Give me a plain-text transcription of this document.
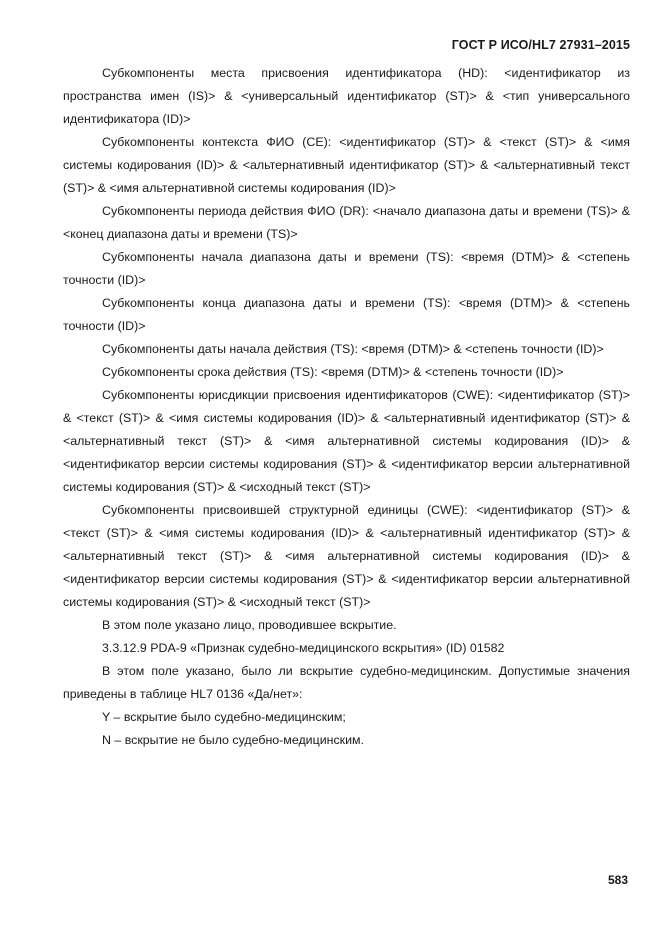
ГОСТ Р ИСО/HL7 27931–2015

Субкомпоненты места присвоения идентификатора (HD): <идентификатор из пространства имен (IS)> & <универсальный идентификатор (ST)> & <тип универсального идентификатора (ID)>

Субкомпоненты контекста ФИО (CE): <идентификатор (ST)> & <текст (ST)> & <имя системы кодирования (ID)> & <альтернативный идентификатор (ST)> & <альтернативный текст (ST)> & <имя альтернативной системы кодирования (ID)>

Субкомпоненты периода действия ФИО (DR): <начало диапазона даты и времени (TS)> & <конец диапазона даты и времени (TS)>

Субкомпоненты начала диапазона даты и времени (TS): <время (DTM)> & <степень точности (ID)>

Субкомпоненты конца диапазона даты и времени (TS): <время (DTM)> & <степень точности (ID)>

Субкомпоненты даты начала действия (TS): <время (DTM)> & <степень точности (ID)>

Субкомпоненты срока действия (TS): <время (DTM)> & <степень точности (ID)>

Субкомпоненты юрисдикции присвоения идентификаторов (CWE): <идентификатор (ST)> & <текст (ST)> & <имя системы кодирования (ID)> & <альтернативный идентификатор (ST)> & <альтернативный текст (ST)> & <имя альтернативной системы кодирования (ID)> & <идентификатор версии системы кодирования (ST)> & <идентификатор версии альтернативной системы кодирования (ST)> & <исходный текст (ST)>

Субкомпоненты присвоившей структурной единицы (CWE): <идентификатор (ST)> & <текст (ST)> & <имя системы кодирования (ID)> & <альтернативный идентификатор (ST)> & <альтернативный текст (ST)> & <имя альтернативной системы кодирования (ID)> & <идентификатор версии системы кодирования (ST)> & <идентификатор версии альтернативной системы кодирования (ST)> & <исходный текст (ST)>

В этом поле указано лицо, проводившее вскрытие.

3.3.12.9 PDA-9 «Признак судебно-медицинского вскрытия» (ID) 01582

В этом поле указано, было ли вскрытие судебно-медицинским. Допустимые значения приведены в таблице HL7 0136 «Да/нет»:

Y – вскрытие было судебно-медицинским;

N – вскрытие не было судебно-медицинским.

583
